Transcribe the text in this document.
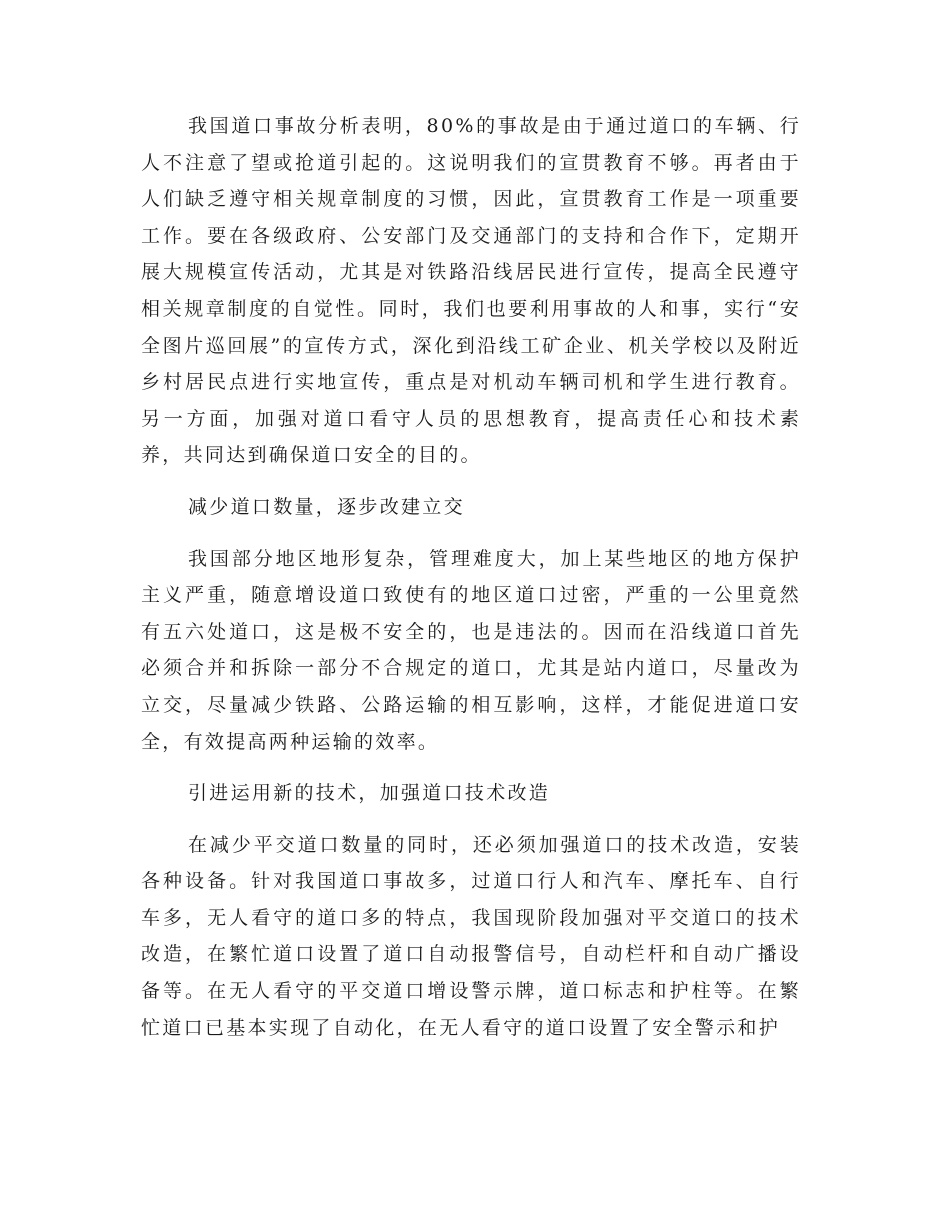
我国道口事故分析表明，80%的事故是由于通过道口的车辆、行人不注意了望或抢道引起的。这说明我们的宣贯教育不够。再者由于人们缺乏遵守相关规章制度的习惯，因此，宣贯教育工作是一项重要工作。要在各级政府、公安部门及交通部门的支持和合作下，定期开展大规模宣传活动，尤其是对铁路沿线居民进行宣传，提高全民遵守相关规章制度的自觉性。同时，我们也要利用事故的人和事，实行“安全图片巡回展”的宣传方式，深化到沿线工矿企业、机关学校以及附近乡村居民点进行实地宣传，重点是对机动车辆司机和学生进行教育。另一方面，加强对道口看守人员的思想教育，提高责任心和技术素养，共同达到确保道口安全的目的。

减少道口数量，逐步改建立交

我国部分地区地形复杂，管理难度大，加上某些地区的地方保护主义严重，随意增设道口致使有的地区道口过密，严重的一公里竟然有五六处道口，这是极不安全的，也是违法的。因而在沿线道口首先必须合并和拆除一部分不合规定的道口，尤其是站内道口，尽量改为立交，尽量减少铁路、公路运输的相互影响，这样，才能促进道口安全，有效提高两种运输的效率。

引进运用新的技术，加强道口技术改造

在减少平交道口数量的同时，还必须加强道口的技术改造，安装各种设备。针对我国道口事故多，过道口行人和汽车、摩托车、自行车多，无人看守的道口多的特点，我国现阶段加强对平交道口的技术改造，在繁忙道口设置了道口自动报警信号，自动栏杆和自动广播设备等。在无人看守的平交道口增设警示牌，道口标志和护柱等。在繁忙道口已基本实现了自动化，在无人看守的道口设置了安全警示和护
